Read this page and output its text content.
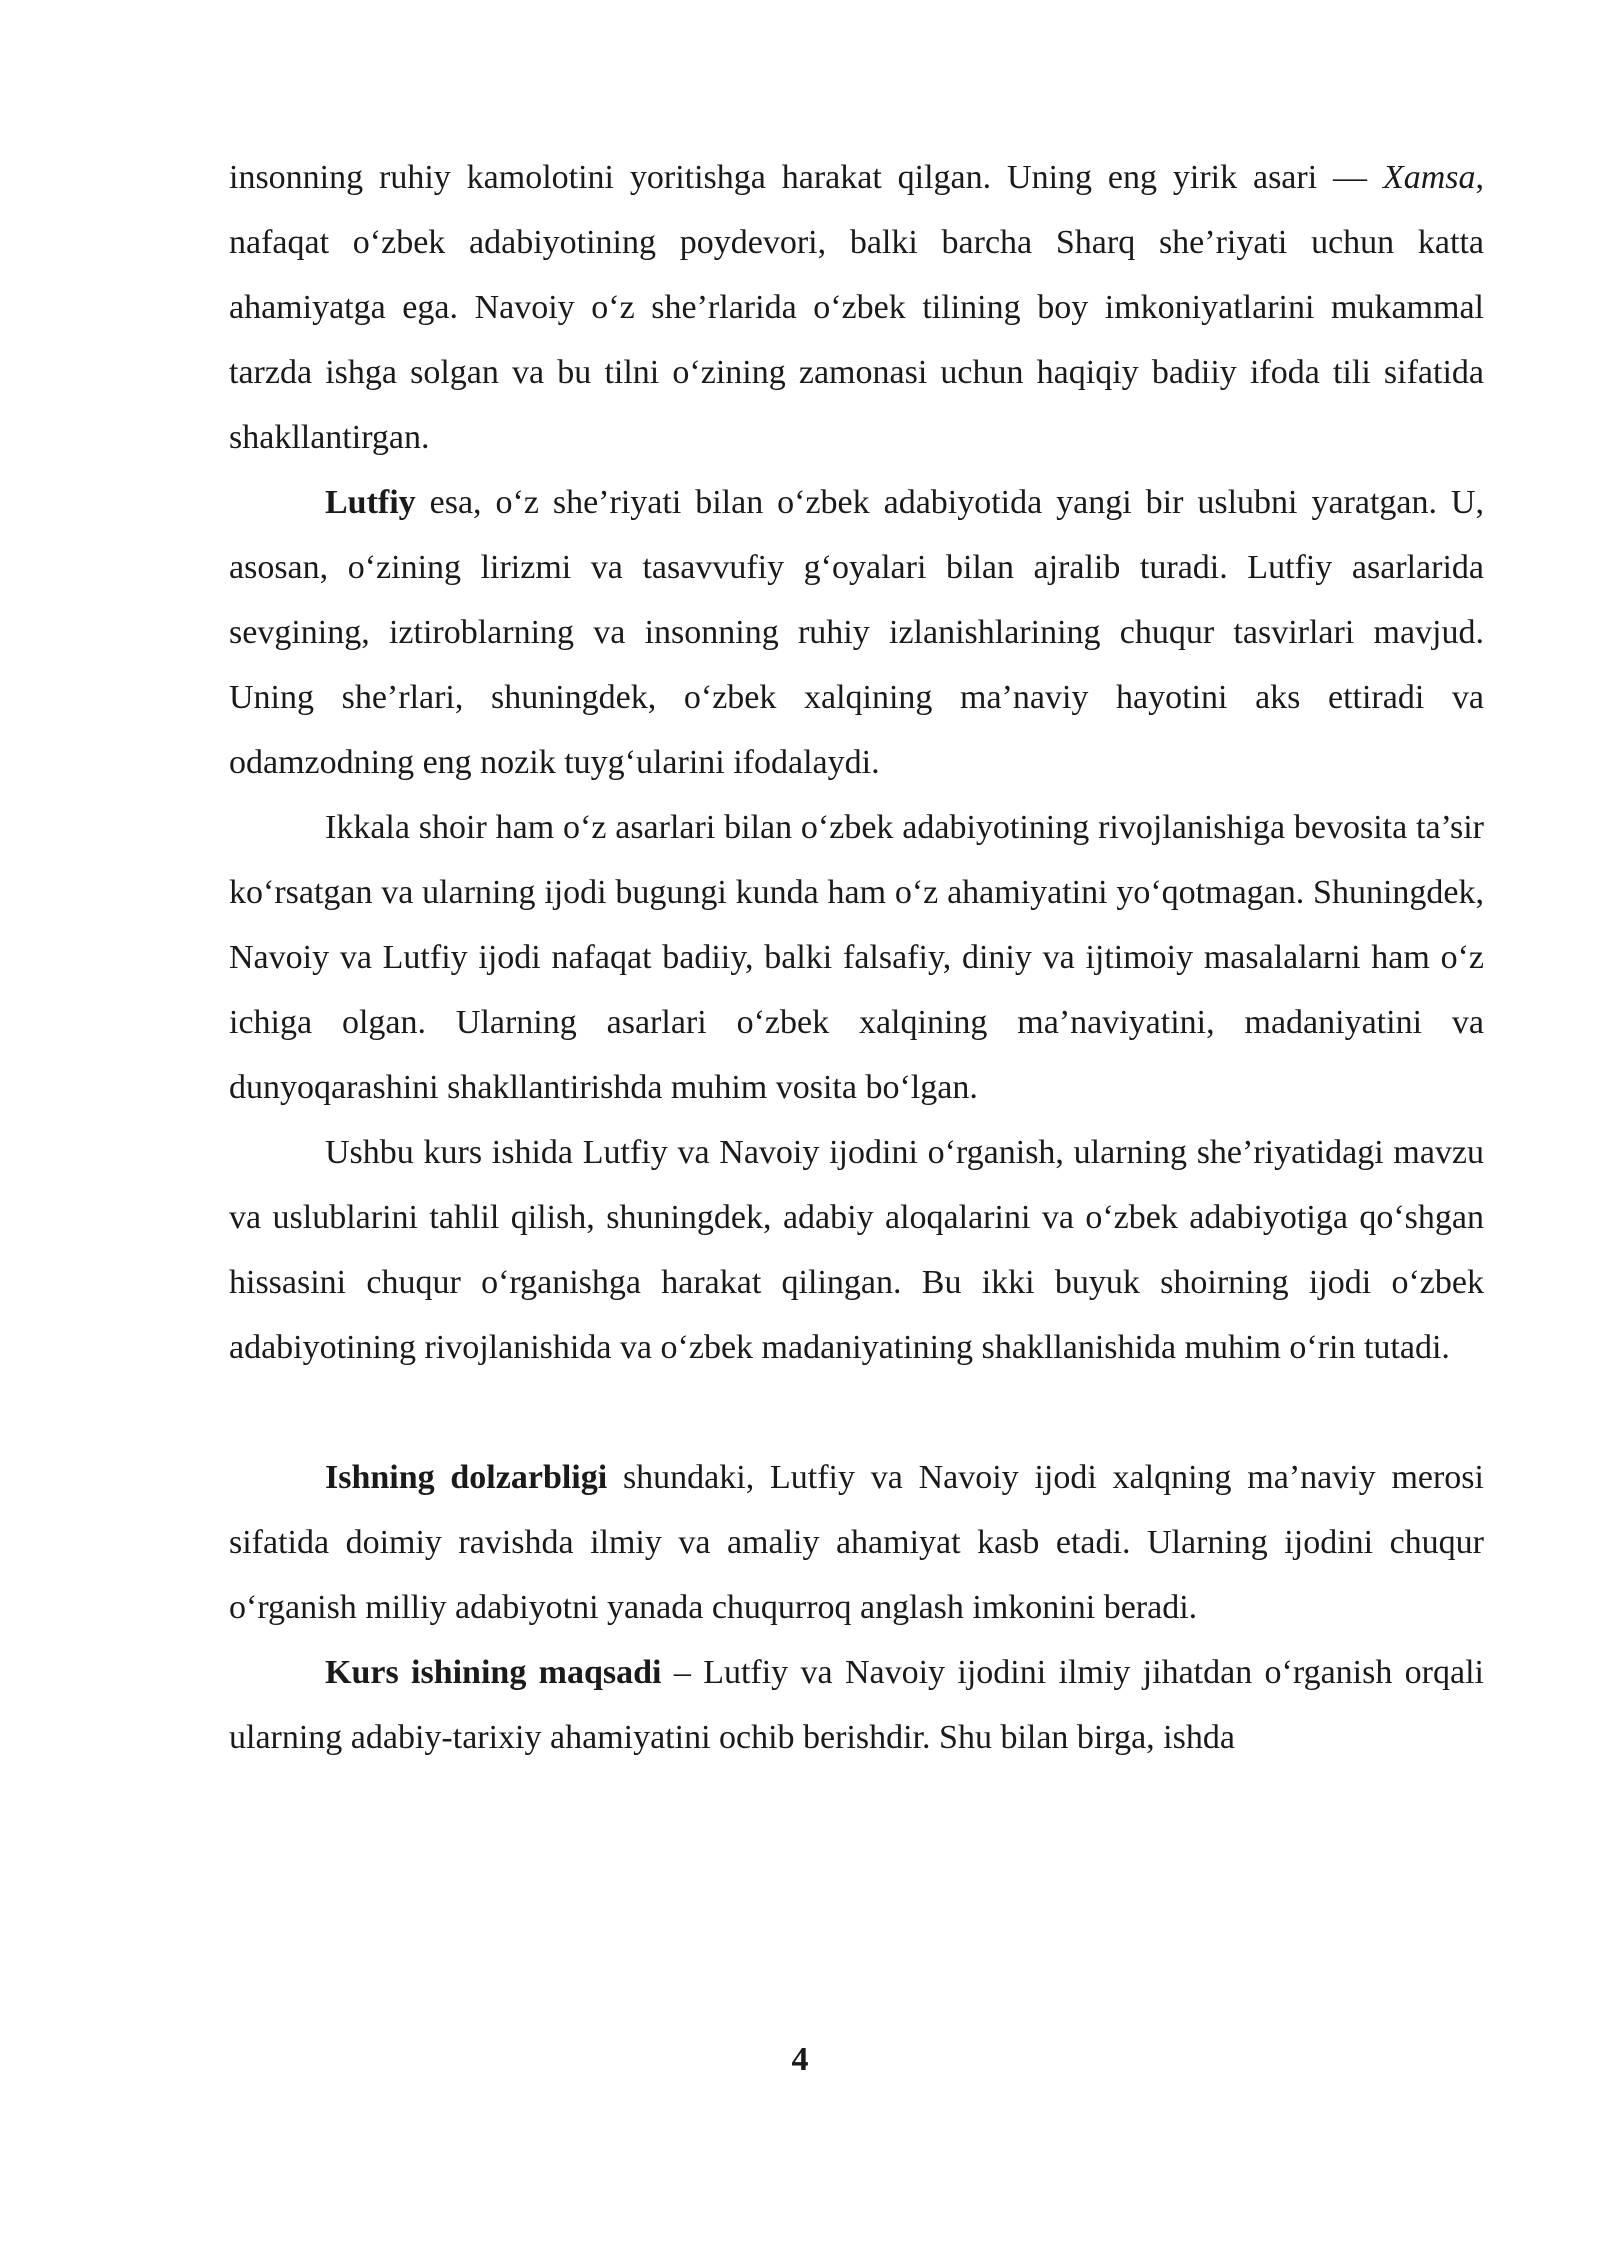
insonning ruhiy kamolotini yoritishga harakat qilgan. Uning eng yirik asari — Xamsa, nafaqat o‘zbek adabiyotining poydevori, balki barcha Sharq she’riyati uchun katta ahamiyatga ega. Navoiy o‘z she’rlarida o‘zbek tilining boy imkoniyatlarini mukammal tarzda ishga solgan va bu tilni o‘zining zamonasi uchun haqiqiy badiiy ifoda tili sifatida shakllantirgan.

Lutfiy esa, o‘z she’riyati bilan o‘zbek adabiyotida yangi bir uslubni yaratgan. U, asosan, o‘zining lirizmi va tasavvufiy g‘oyalari bilan ajralib turadi. Lutfiy asarlarida sevgining, iztiroblarning va insonning ruhiy izlanishlarining chuqur tasvirlari mavjud. Uning she’rlari, shuningdek, o‘zbek xalqining ma’naviy hayotini aks ettiradi va odamzodning eng nozik tuyg‘ularini ifodalaydi.

Ikkala shoir ham o‘z asarlari bilan o‘zbek adabiyotining rivojlanishiga bevosita ta’sir ko‘rsatgan va ularning ijodi bugungi kunda ham o‘z ahamiyatini yo‘qotmagan. Shuningdek, Navoiy va Lutfiy ijodi nafaqat badiiy, balki falsafiy, diniy va ijtimoiy masalalarni ham o‘z ichiga olgan. Ularning asarlari o‘zbek xalqining ma’naviyatini, madaniyatini va dunyoqarashini shakllantirishda muhim vosita bo‘lgan.

Ushbu kurs ishida Lutfiy va Navoiy ijodini o‘rganish, ularning she’riyatidagi mavzu va uslublarini tahlil qilish, shuningdek, adabiy aloqalarini va o‘zbek adabiyotiga qo‘shgan hissasini chuqur o‘rganishga harakat qilingan. Bu ikki buyuk shoirning ijodi o‘zbek adabiyotining rivojlanishida va o‘zbek madaniyatining shakllanishida muhim o‘rin tutadi.

Ishning dolzarbligi shundaki, Lutfiy va Navoiy ijodi xalqning ma’naviy merosi sifatida doimiy ravishda ilmiy va amaliy ahamiyat kasb etadi. Ularning ijodini chuqur o‘rganish milliy adabiyotni yanada chuqurroq anglash imkonini beradi.

Kurs ishining maqsadi – Lutfiy va Navoiy ijodini ilmiy jihatdan o‘rganish orqali ularning adabiy-tarixiy ahamiyatini ochib berishdir. Shu bilan birga, ishda

4
